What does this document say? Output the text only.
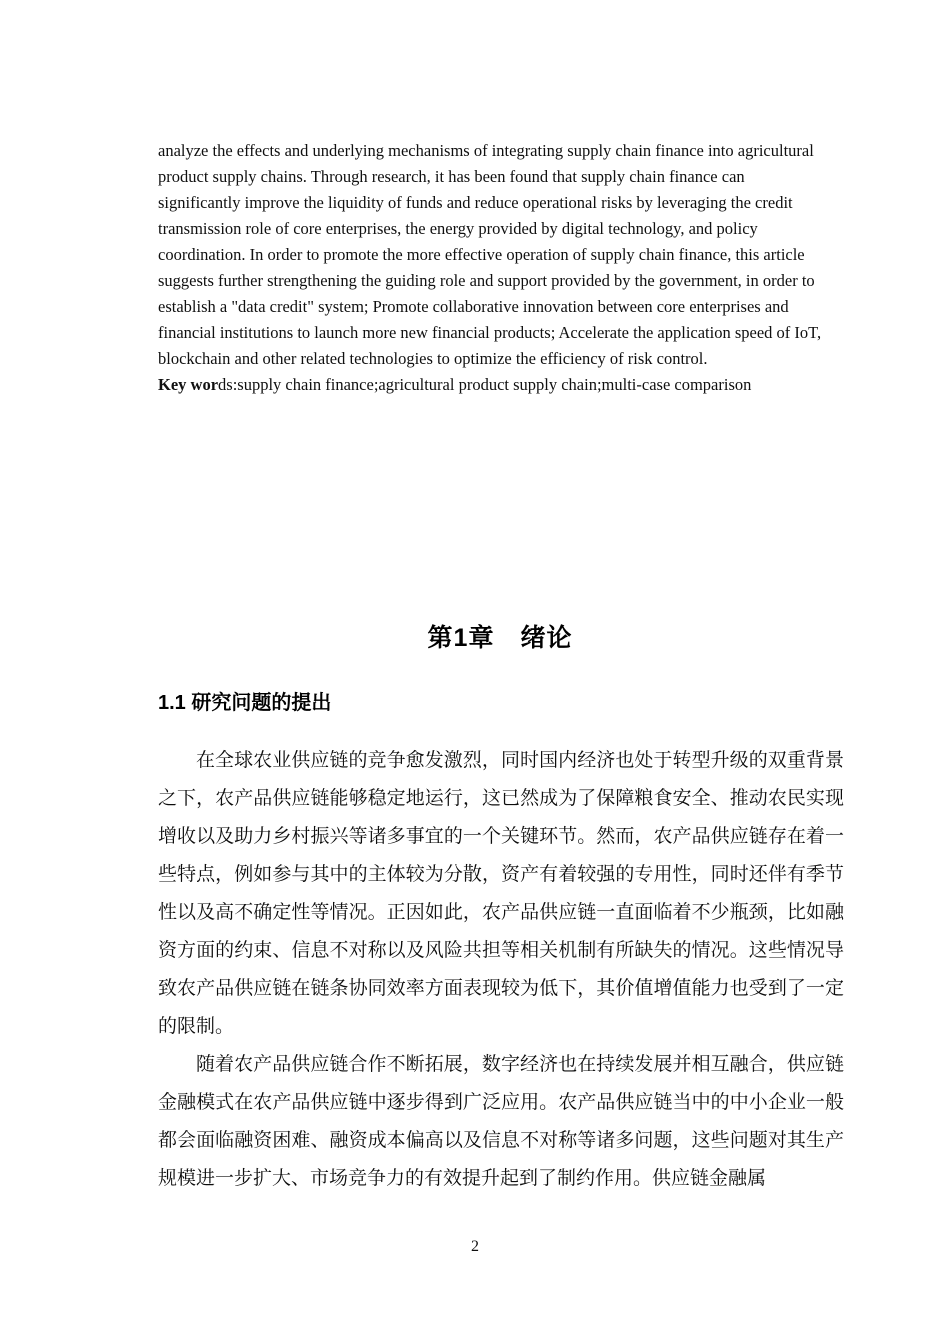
analyze the effects and underlying mechanisms of integrating supply chain finance into agricultural
product supply chains. Through research, it has been found that supply chain finance can
significantly improve the liquidity of funds and reduce operational risks by leveraging the credit
transmission role of core enterprises, the energy provided by digital technology, and policy
coordination. In order to promote the more effective operation of supply chain finance, this article
suggests further strengthening the guiding role and support provided by the government, in order to
establish a "data credit" system; Promote collaborative innovation between core enterprises and
financial institutions to launch more new financial products; Accelerate the application speed of IoT,
blockchain and other related technologies to optimize the efficiency of risk control.
Key words:supply chain finance;agricultural product supply chain;multi-case comparison
第1章　绪论
1.1 研究问题的提出

在全球农业供应链的竞争愈发激烈，同时国内经济也处于转型升级的双重背景之下，农产品供应链能够稳定地运行，这已然成为了保障粮食安全、推动农民实现增收以及助力乡村振兴等诸多事宜的一个关键环节。然而，农产品供应链存在着一些特点，例如参与其中的主体较为分散，资产有着较强的专用性，同时还伴有季节性以及高不确定性等情况。正因如此，农产品供应链一直面临着不少瓶颈，比如融资方面的约束、信息不对称以及风险共担等相关机制有所缺失的情况。这些情况导致农产品供应链在链条协同效率方面表现较为低下，其价值增值能力也受到了一定的限制。

随着农产品供应链合作不断拓展，数字经济也在持续发展并相互融合，供应链金融模式在农产品供应链中逐步得到广泛应用。农产品供应链当中的中小企业一般都会面临融资困难、融资成本偏高以及信息不对称等诸多问题，这些问题对其生产规模进一步扩大、市场竞争力的有效提升起到了制约作用。供应链金融属

2
